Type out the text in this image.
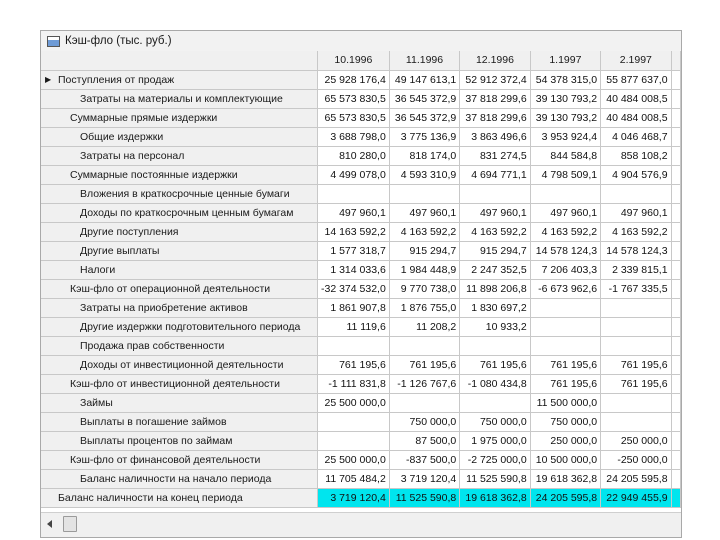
Кэш-фло (тыс. руб.)
	10.1996	11.1996	12.1996	1.1997	2.1997	
▶ Поступления от продаж	25 928 176,4	49 147 613,1	52 912 372,4	54 378 315,0	55 877 637,0	
Затраты на материалы и комплектующие	65 573 830,5	36 545 372,9	37 818 299,6	39 130 793,2	40 484 008,5	
Суммарные прямые издержки	65 573 830,5	36 545 372,9	37 818 299,6	39 130 793,2	40 484 008,5	
Общие издержки	3 688 798,0	3 775 136,9	3 863 496,6	3 953 924,4	4 046 468,7	
Затраты на персонал	810 280,0	818 174,0	831 274,5	844 584,8	858 108,2	
Суммарные постоянные издержки	4 499 078,0	4 593 310,9	4 694 771,1	4 798 509,1	4 904 576,9	
Вложения в краткосрочные ценные бумаги						
Доходы по краткосрочным ценным бумагам	497 960,1	497 960,1	497 960,1	497 960,1	497 960,1	
Другие поступления	14 163 592,2	4 163 592,2	4 163 592,2	4 163 592,2	4 163 592,2	
Другие выплаты	1 577 318,7	915 294,7	915 294,7	14 578 124,3	14 578 124,3	
Налоги	1 314 033,6	1 984 448,9	2 247 352,5	7 206 403,3	2 339 815,1	
Кэш-фло от операционной деятельности	-32 374 532,0	9 770 738,0	11 898 206,8	-6 673 962,6	-1 767 335,5	
Затраты на приобретение активов	1 861 907,8	1 876 755,0	1 830 697,2			
Другие издержки подготовительного периода	11 119,6	11 208,2	10 933,2			
Продажа прав собственности						
Доходы от инвестиционной деятельности	761 195,6	761 195,6	761 195,6	761 195,6	761 195,6	
Кэш-фло от инвестиционной деятельности	-1 111 831,8	-1 126 767,6	-1 080 434,8	761 195,6	761 195,6	
Займы	25 500 000,0			11 500 000,0		
Выплаты в погашение займов		750 000,0	750 000,0	750 000,0		
Выплаты процентов по займам		87 500,0	1 975 000,0	250 000,0	250 000,0	
Кэш-фло от финансовой деятельности	25 500 000,0	-837 500,0	-2 725 000,0	10 500 000,0	-250 000,0	
Баланс наличности на начало периода	11 705 484,2	3 719 120,4	11 525 590,8	19 618 362,8	24 205 595,8	
Баланс наличности на конец периода	3 719 120,4	11 525 590,8	19 618 362,8	24 205 595,8	22 949 455,9	
